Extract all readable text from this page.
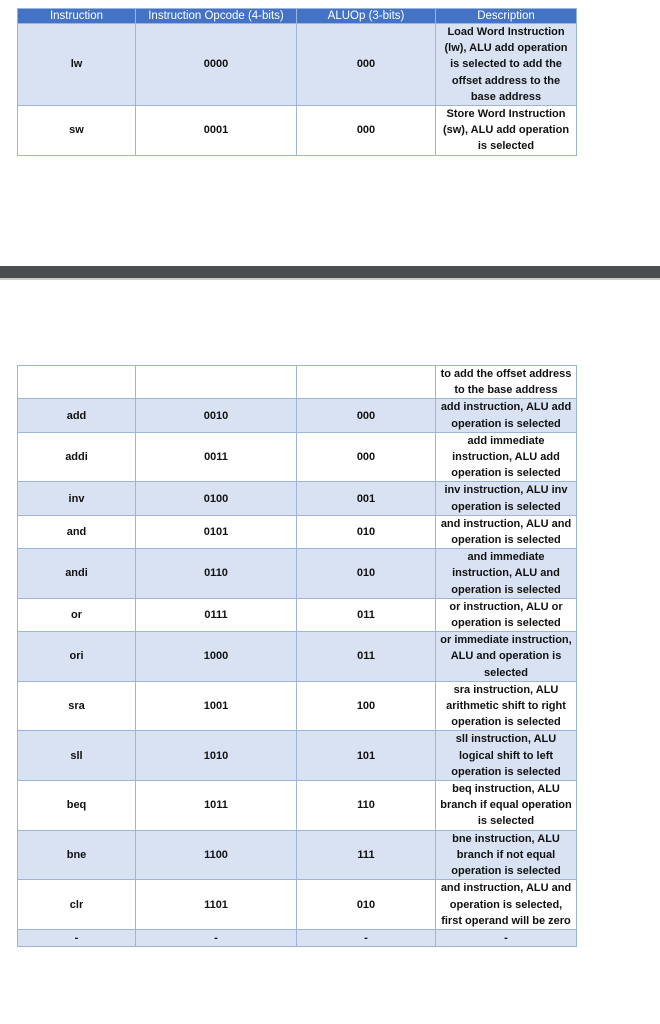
Instruction	Instruction Opcode (4-bits)	ALUOp (3-bits)	Description
lw	0000	000	Load Word Instruction (lw), ALU add operation is selected to add the offset address to the base address
sw	0001	000	Store Word Instruction (sw), ALU add operation is selected
			to add the offset address to the base address
add	0010	000	add instruction, ALU add operation is selected
addi	0011	000	add immediate instruction, ALU add operation is selected
inv	0100	001	inv instruction, ALU inv operation is selected
and	0101	010	and instruction, ALU and operation is selected
andi	0110	010	and immediate instruction, ALU and operation is selected
or	0111	011	or instruction, ALU or operation is selected
ori	1000	011	or immediate instruction, ALU and operation is selected
sra	1001	100	sra instruction, ALU arithmetic shift to right operation is selected
sll	1010	101	sll instruction, ALU logical shift to left operation is selected
beq	1011	110	beq instruction, ALU branch if equal operation is selected
bne	1100	111	bne instruction, ALU branch if not equal operation is selected
clr	1101	010	and instruction, ALU and operation is selected, first operand will be zero
-	-	-	-
